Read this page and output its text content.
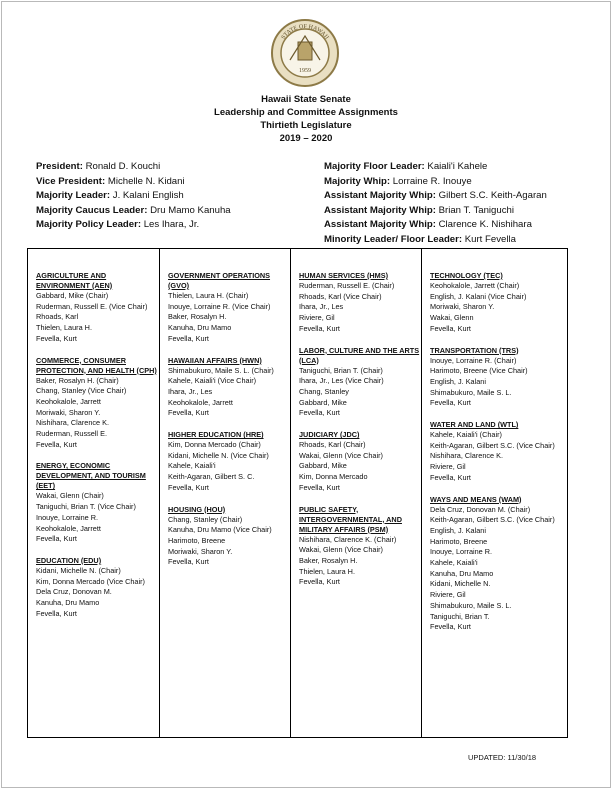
STATE OF HAWAII
1959
Hawaii State Senate
Leadership and Committee Assignments
Thirtieth Legislature
2019 – 2020
President: Ronald D. Kouchi
Vice President: Michelle N. Kidani
Majority Leader: J. Kalani English
Majority Caucus Leader: Dru Mamo Kanuha
Majority Policy Leader: Les Ihara, Jr.
Majority Floor Leader: Kaiali'i Kahele
Majority Whip: Lorraine R. Inouye
Assistant Majority Whip: Gilbert S.C. Keith-Agaran
Assistant Majority Whip: Brian T. Taniguchi
Assistant Majority Whip: Clarence K. Nishihara
Minority Leader/ Floor Leader: Kurt Fevella
AGRICULTURE AND ENVIRONMENT (AEN)
Gabbard, Mike (Chair)
Ruderman, Russell E. (Vice Chair)
Rhoads, Karl
Thielen, Laura H.
Fevella, Kurt
COMMERCE, CONSUMER PROTECTION, AND HEALTH (CPH)
Baker, Rosalyn H. (Chair)
Chang, Stanley (Vice Chair)
Keohokalole, Jarrett
Moriwaki, Sharon Y.
Nishihara, Clarence K.
Ruderman, Russell E.
Fevella, Kurt
ENERGY, ECONOMIC DEVELOPMENT, AND TOURISM (EET)
Wakai, Glenn (Chair)
Taniguchi, Brian T. (Vice Chair)
Inouye, Lorraine R.
Keohokalole, Jarrett
Fevella, Kurt
EDUCATION (EDU)
Kidani, Michelle N. (Chair)
Kim, Donna Mercado (Vice Chair)
Dela Cruz, Donovan M.
Kanuha, Dru Mamo
Fevella, Kurt
GOVERNMENT OPERATIONS (GVO)
Thielen, Laura H. (Chair)
Inouye, Lorraine R. (Vice Chair)
Baker, Rosalyn H.
Kanuha, Dru Mamo
Fevella, Kurt
HAWAIIAN AFFAIRS (HWN)
Shimabukuro, Maile S. L. (Chair)
Kahele, Kaiali'i (Vice Chair)
Ihara, Jr., Les
Keohokalole, Jarrett
Fevella, Kurt
HIGHER EDUCATION (HRE)
Kim, Donna Mercado (Chair)
Kidani, Michelle N. (Vice Chair)
Kahele, Kaiali'i
Keith-Agaran, Gilbert S. C.
Fevella, Kurt
HOUSING (HOU)
Chang, Stanley (Chair)
Kanuha, Dru Mamo (Vice Chair)
Harimoto, Breene
Moriwaki, Sharon Y.
Fevella, Kurt
HUMAN SERVICES (HMS)
Ruderman, Russell E. (Chair)
Rhoads, Karl (Vice Chair)
Ihara, Jr., Les
Riviere, Gil
Fevella, Kurt
LABOR, CULTURE AND THE ARTS (LCA)
Taniguchi, Brian T. (Chair)
Ihara, Jr., Les (Vice Chair)
Chang, Stanley
Gabbard, Mike
Fevella, Kurt
JUDICIARY (JDC)
Rhoads, Karl (Chair)
Wakai, Glenn (Vice Chair)
Gabbard, Mike
Kim, Donna Mercado
Fevella, Kurt
PUBLIC SAFETY, INTERGOVERNMENTAL, AND MILITARY AFFAIRS (PSM)
Nishihara, Clarence K. (Chair)
Wakai, Glenn (Vice Chair)
Baker, Rosalyn H.
Thielen, Laura H.
Fevella, Kurt
TECHNOLOGY (TEC)
Keohokalole, Jarrett (Chair)
English, J. Kalani (Vice Chair)
Moriwaki, Sharon Y.
Wakai, Glenn
Fevella, Kurt
TRANSPORTATION (TRS)
Inouye, Lorraine R. (Chair)
Harimoto, Breene (Vice Chair)
English, J. Kalani
Shimabukuro, Maile S. L.
Fevella, Kurt
WATER AND LAND (WTL)
Kahele, Kaiali'i (Chair)
Keith-Agaran, Gilbert S.C. (Vice Chair)
Nishihara, Clarence K.
Riviere, Gil
Fevella, Kurt
WAYS AND MEANS (WAM)
Dela Cruz, Donovan M. (Chair)
Keith-Agaran, Gilbert S.C. (Vice Chair)
English, J. Kalani
Harimoto, Breene
Inouye, Lorraine R.
Kahele, Kaiali'i
Kanuha, Dru Mamo
Kidani, Michelle N.
Riviere, Gil
Shimabukuro, Maile S. L.
Taniguchi, Brian T.
Fevella, Kurt
UPDATED: 11/30/18
